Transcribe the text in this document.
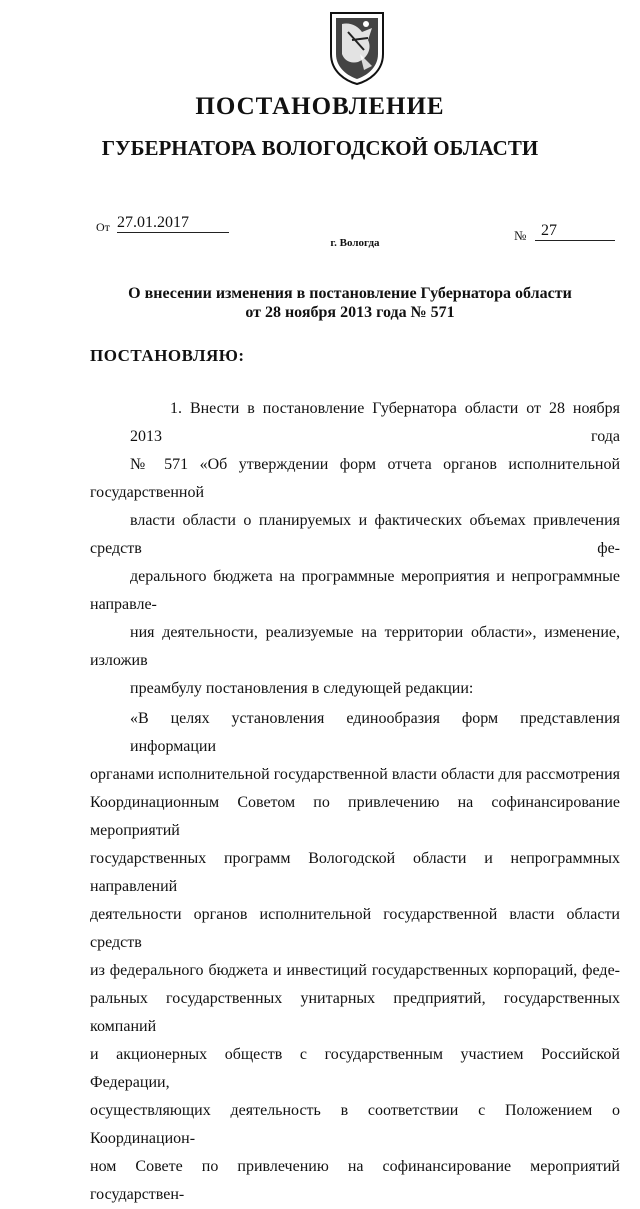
ПОСТАНОВЛЕНИЕ
ГУБЕРНАТОРА ВОЛОГОДСКОЙ ОБЛАСТИ
От 27.01.2017
№ 27
г. Вологда
О внесении изменения в постановление Губернатора области
от 28 ноября 2013 года № 571
ПОСТАНОВЛЯЮ:

1. Внести в постановление Губернатора области от 28 ноября 2013 года
№ 571 «Об утверждении форм отчета органов исполнительной государственной
власти области о планируемых и фактических объемах привлечения средств фе-
дерального бюджета на программные мероприятия и непрограммные направле-
ния деятельности, реализуемые на территории области», изменение, изложив
преамбулу постановления в следующей редакции:

«В целях установления единообразия форм представления информации
органами исполнительной государственной власти области для рассмотрения
Координационным Советом по привлечению на софинансирование мероприятий
государственных программ Вологодской области и непрограммных направлений
деятельности органов исполнительной государственной власти области средств
из федерального бюджета и инвестиций государственных корпораций, феде-
ральных государственных унитарных предприятий, государственных компаний
и акционерных обществ с государственным участием Российской Федерации,
осуществляющих деятельность в соответствии с Положением о Координацион-
ном Совете по привлечению на софинансирование мероприятий государствен-
